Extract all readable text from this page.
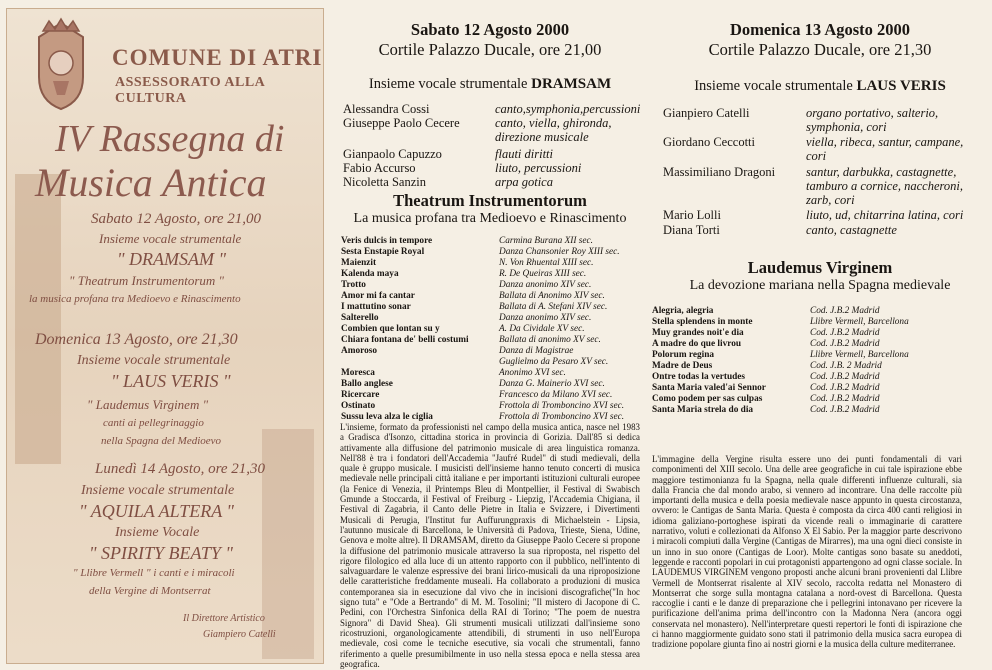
COMUNE DI ATRI
ASSESSORATO ALLA CULTURA
IV Rassegna di
Musica Antica
Sabato 12 Agosto, ore 21,00
Insieme vocale strumentale
" DRAMSAM "
" Theatrum Instrumentorum "
la musica profana tra Medioevo e Rinascimento
Domenica 13 Agosto, ore 21,30
Insieme vocale strumentale
" LAUS VERIS "
" Laudemus Virginem "
canti ai pellegrinaggio
nella Spagna del Medioevo
Lunedì 14 Agosto, ore 21,30
Insieme vocale strumentale
" AQUILA ALTERA "
Insieme Vocale
" SPIRITY BEATY "
" Llibre Vermell " i canti e i miracoli
della Vergine di Montserrat
Il Direttore Artistico
Giampiero Catelli
Sabato 12 Agosto 2000
Cortile Palazzo Ducale, ore 21,00
Insieme vocale strumentale DRAMSAM
Alessandra Cossi	canto,symphonia,percussioni
Giuseppe Paolo Cecere	canto, viella, ghironda,
direzione musicale
Gianpaolo Capuzzo	flauti diritti
Fabio Accurso	liuto, percussioni
Nicoletta Sanzin	arpa gotica
Theatrum Instrumentorum
La musica profana tra Medioevo e Rinascimento
Veris dulcis in tempore	Carmina Burana XII sec.
Sesta Enstapie Royal	Danza Chansonier Roy XIII sec.
Maienzit	N. Von Rhuental XIII sec.
Kalenda maya	R. De Queiras XIII sec.
Trotto	Danza anonimo XIV sec.
Amor mi fa cantar	Ballata di Anonimo XIV sec.
I mattutino sonar	Ballata di A. Stefani XIV sec.
Salterello	Danza anonimo XIV sec.
Combien que lontan su y	A. Da Cividale XV sec.
Chiara fontana de' belli costumi	Ballata di anonimo XV sec.
Amoroso	Danza di Magistrae
Guglielmo da Pesaro XV sec.
Moresca	Anonimo XVI sec.
Ballo anglese	Danza G. Mainerio XVI sec.
Ricercare	Francesco da Milano XVI sec.
Ostinato	Frottola di Tromboncino XVI sec.
Sussu leva alza le ciglia	Frottola di Tromboncino XVI sec.
L'insieme, formato da professionisti nel campo della musica antica, nasce nel 1983 a Gradisca d'Isonzo, cittadina storica in provincia di Gorizia. Dall'85 si dedica attivamente alla diffusione del patrimonio musicale di area linguistica romanza. Nell'88 è tra i fondatori dell'Accademia "Jaufré Rudel" di studi medievali, della quale è gruppo musicale. I musicisti dell'insieme hanno tenuto concerti di musica medievale nelle principali città italiane e per importanti istituzioni culturali europee (la Fenice di Venezia, il Printemps Bleu di Montpellier, il Festival di Swabisch Gmunde a Stoccarda, il Festival of Freiburg - Liepzig, l'Accademia Chigiana, il Festival di Zagabria, il Canto delle Pietre in Italia e Svizzere, i Divertimenti Musicali di Perugia, l'Institut fur Auffurungpraxis di Michaelstein - Lipsia, l'autunno musicale di Barcellona, le Università di Padova, Trieste, Siena, Udine, Genova e molte altre). Il DRAMSAM, diretto da Giuseppe Paolo Cecere si propone la diffusione del patrimonio musicale attraverso la sua riproposta, nel rispetto del rigore filologico ed alla luce di un attento rapporto con il pubblico, nell'intento di salvaguardare le valenze espressive dei brani lirico-musicali da una riproposizione delle caratteristiche freddamente museali. Ha collaborato a produzioni di musica contemporanea sia in esecuzione dal vivo che in incisioni discografiche("In hoc signo tuta" e "Ode a Bertrando" di M. M. Tosolini; "Il mistero di Jacopone di C. Pedini, con l'Orchestra Sinfonica della RAI di Torino; "The poem de nuestra Signora" di David Shea). Gli strumenti musicali utilizzati dall'insieme sono ricostruzioni, organologicamente attendibili, di strumenti in uso nell'Europa medievale, così come le tecniche esecutive, sia vocali che strumentali, fanno riferimento a quelle presumibilmente in uso nella stessa epoca e nella stessa area geografica.
Domenica 13 Agosto 2000
Cortile Palazzo Ducale, ore 21,30
Insieme vocale strumentale LAUS VERIS
Gianpiero Catelli	organo portativo, salterio,
symphonia, cori
Giordano Ceccotti	viella, ribeca, santur, campane,
cori
Massimiliano Dragoni santur, darbukka, castagnette,
tamburo a cornice, naccheroni,
zarb, cori
Mario Lolli	liuto, ud, chitarrina latina, cori
Diana Torti	canto, castagnette
Laudemus Virginem
La devozione mariana nella Spagna medievale
Alegria, alegria	Cod. J.B.2 Madrid
Stella splendens in monte	Llibre Vermell, Barcellona
Muy grandes noit'e dia	Cod. J.B.2 Madrid
A madre do que livrou	Cod. J.B.2 Madrid
Polorum regina	Llibre Vermell, Barcellona
Madre de Deus	Cod. J.B. 2 Madrid
Ontre todas la vertudes	Cod. J.B.2 Madrid
Santa Maria valed'ai Sennor	Cod. J.B.2 Madrid
Como podem per sas culpas	Cod. J.B.2 Madrid
Santa Maria strela do dia	Cod. J.B.2 Madrid
L'immagine della Vergine risulta essere uno dei punti fondamentali di vari componimenti del XIII secolo. Una delle aree geografiche in cui tale ispirazione ebbe maggiore testimonianza fu la Spagna, nella quale differenti influenze culturali, sia dalla Francia che dal mondo arabo, si vennero ad incontrare. Una delle raccolte più importanti della musica e della poesia medievale nasce appunto in questa circostanza, ovvero: le Cantigas de Santa Maria. Questa è composta da circa 400 canti religiosi in idioma galiziano-portoghese ispirati da vicende reali o immaginarie di carattere narrativo, voluti e collezionati da Alfonso X El Sabio. Per la maggior parte descrivono i miracoli compiuti dalla Vergine (Cantigas de Mirагres), ma una ogni dieci consiste in un inno in suo onore (Cantigas de Loor). Molte cantigas sono basate su aneddoti, leggende e racconti popolari in cui protagonisti appartengono ad ogni classe sociale. In LAUDEMUS VIRGINEM vengono proposti anche alcuni brani provenienti dal Llibre Vermell de Montserrat risalente al XIV secolo, raccolta redatta nel Monastero di Montserrat che sorge sulla montagna catalana a nord-ovest di Barcellona. Questa raccoglie i canti e le danze di preparazione che i pellegrini intonavano per ricevere la purificazione dell'anima prima dell'incontro con la Madonna Nera (ancora oggi conservata nel monastero). Nell'interpretare questi repertori le fonti di ispirazione che ci hanno maggiormente guidato sono stati il patrimonio della musica sacra europea di tradizione popolare giunta fino ai nostri giorni e la musica della culture mediterranee.
